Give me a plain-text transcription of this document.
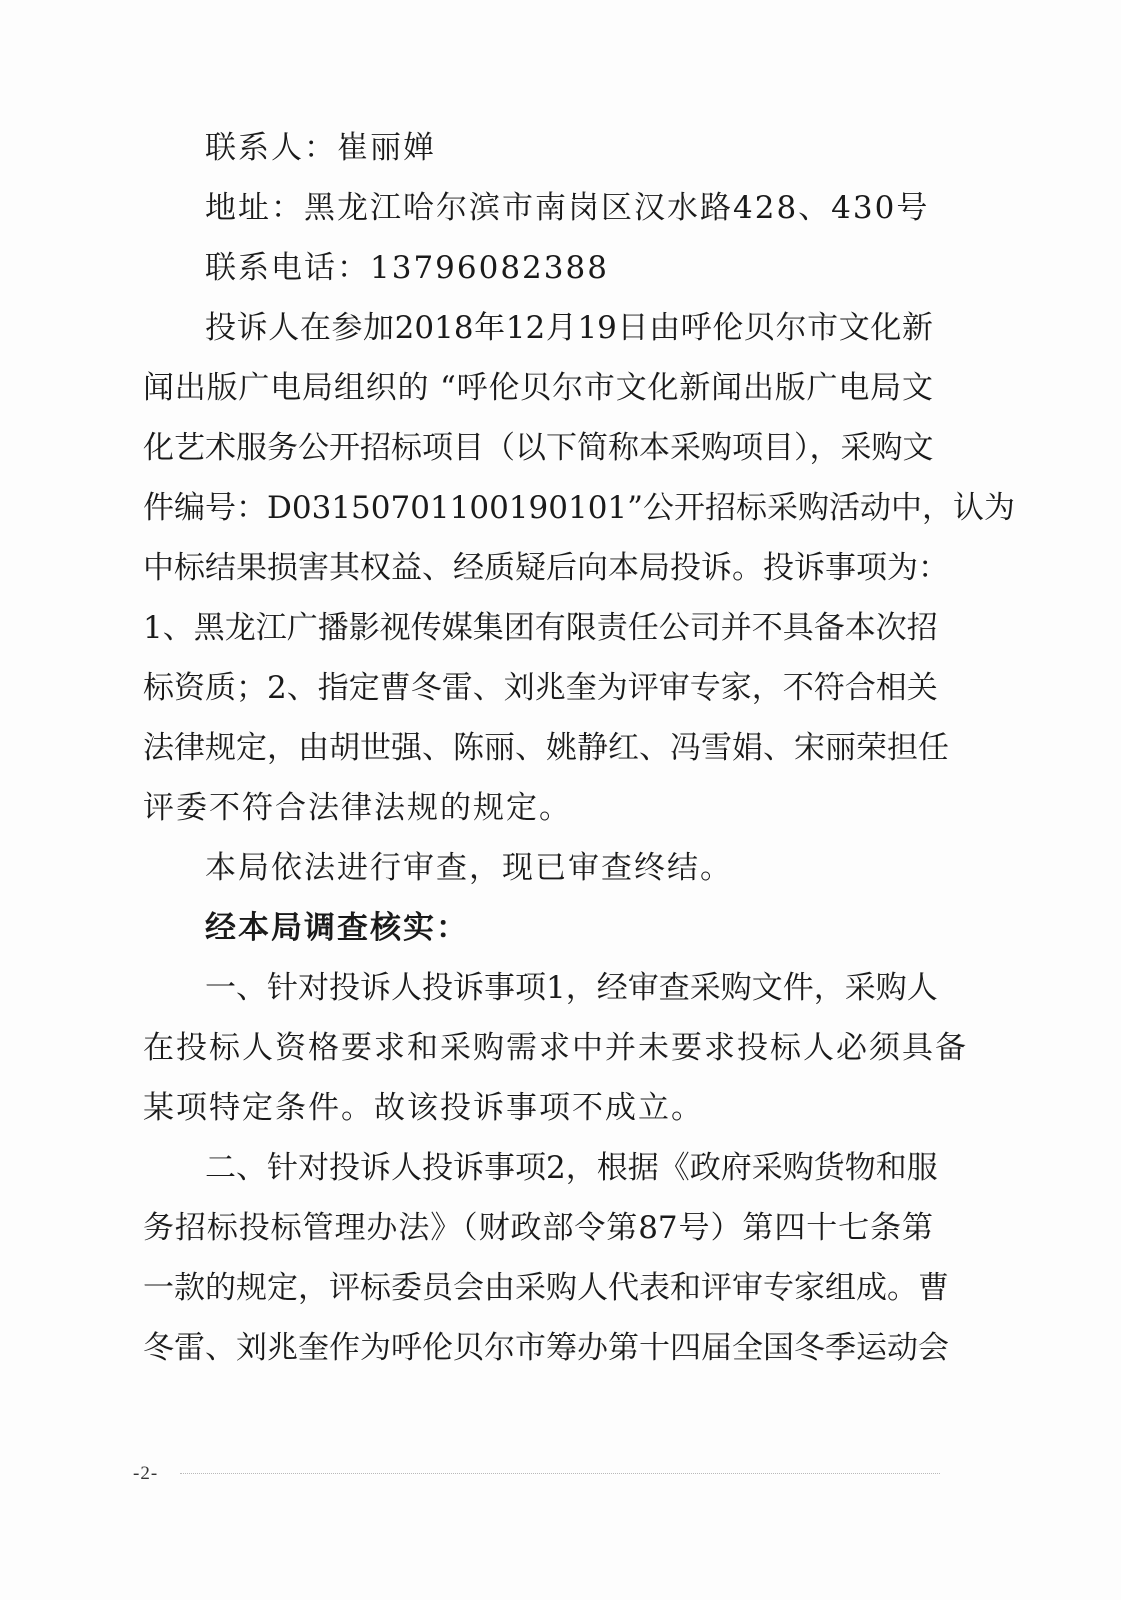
联系人：崔丽婵
地址：黑龙江哈尔滨市南岗区汉水路428、430号
联系电话：13796082388
投诉人在参加2018年12月19日由呼伦贝尔市文化新
闻出版广电局组织的 “呼伦贝尔市文化新闻出版广电局文
化艺术服务公开招标项目（以下简称本采购项目），采购文
件编号：D03150701100190101”公开招标采购活动中，认为
中标结果损害其权益、经质疑后向本局投诉。投诉事项为：
1、黑龙江广播影视传媒集团有限责任公司并不具备本次招
标资质；2、指定曹冬雷、刘兆奎为评审专家，不符合相关
法律规定，由胡世强、陈丽、姚静红、冯雪娟、宋丽荣担任
评委不符合法律法规的规定。
本局依法进行审查，现已审查终结。
经本局调查核实：
一、针对投诉人投诉事项1，经审查采购文件，采购人
在投标人资格要求和采购需求中并未要求投标人必须具备
某项特定条件。故该投诉事项不成立。
二、针对投诉人投诉事项2，根据《政府采购货物和服
务招标投标管理办法》（财政部令第87号）第四十七条第
一款的规定，评标委员会由采购人代表和评审专家组成。曹
冬雷、刘兆奎作为呼伦贝尔市筹办第十四届全国冬季运动会
-2-
